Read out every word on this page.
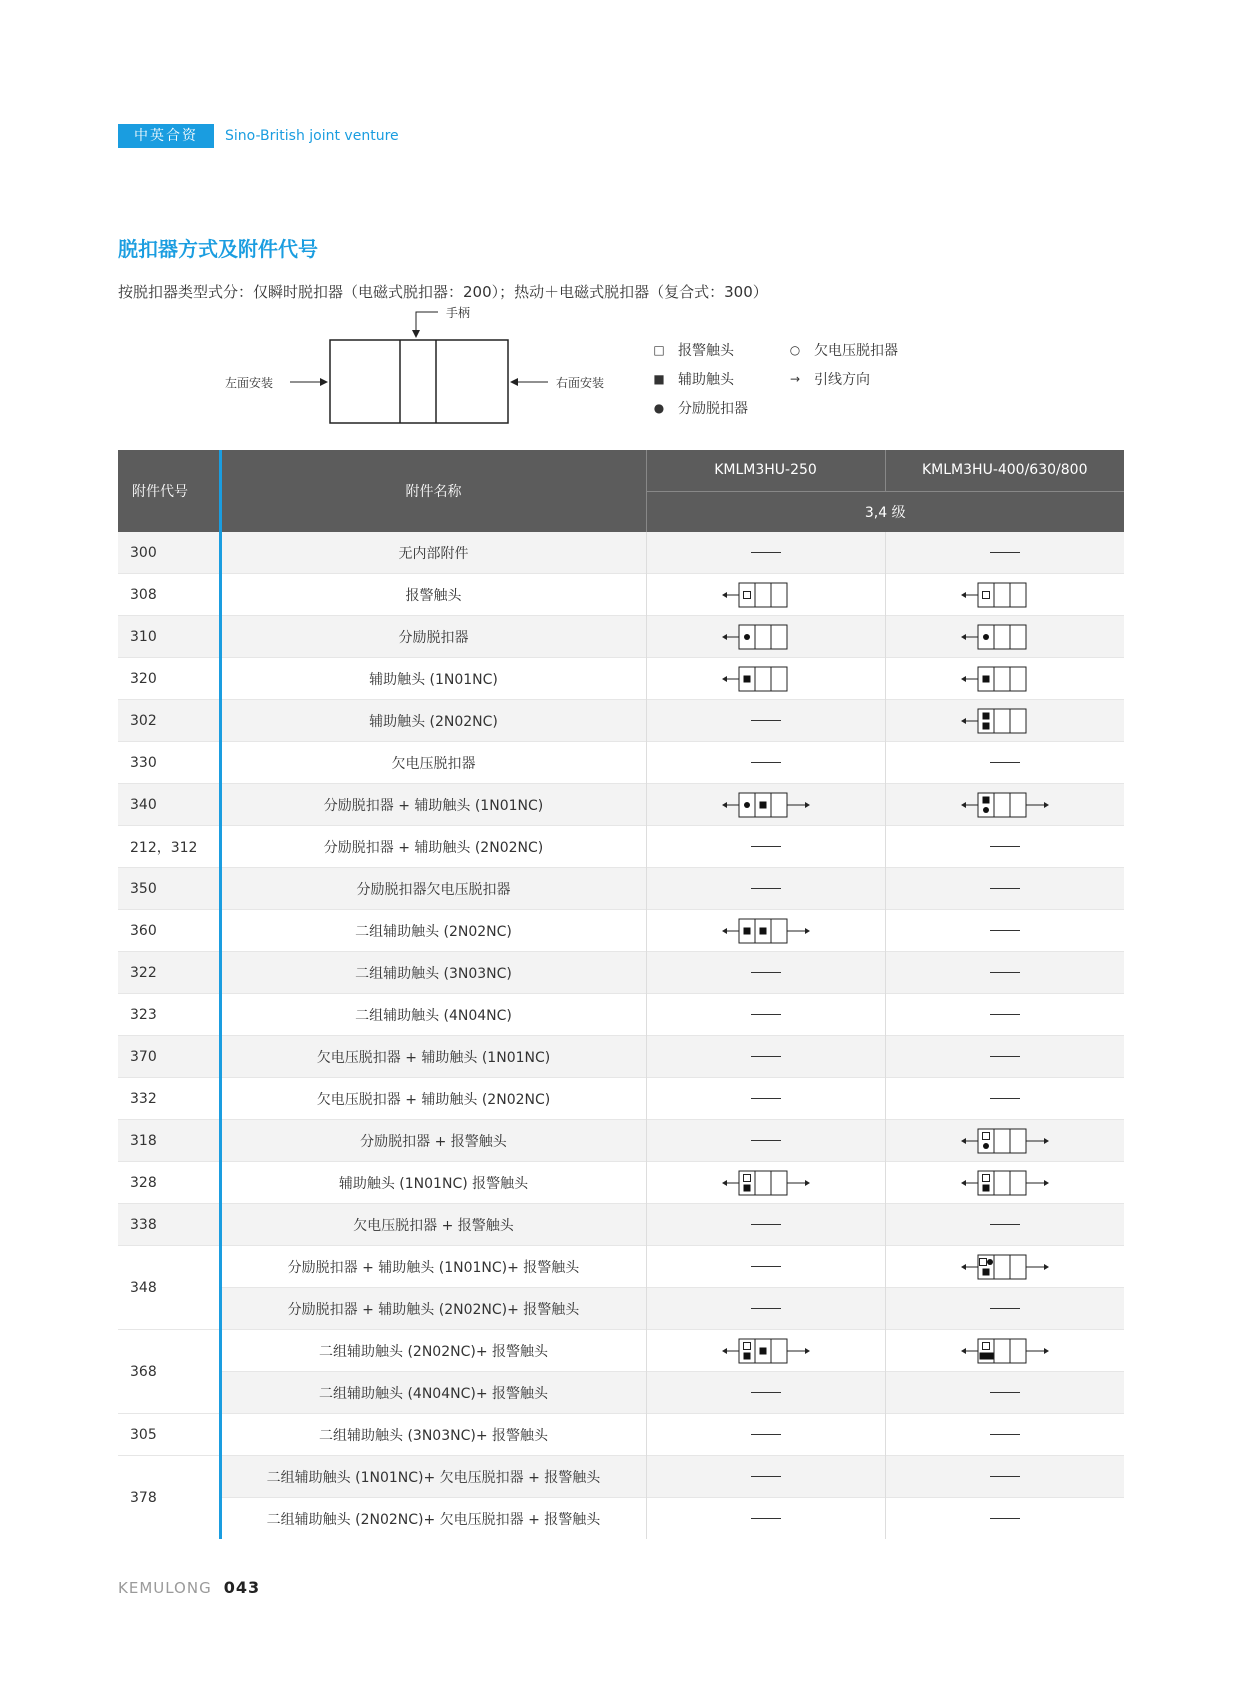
中英合资	Sino-British joint venture
脱扣器方式及附件代号
按脱扣器类型式分：仅瞬时脱扣器（电磁式脱扣器：200）；热动＋电磁式脱扣器（复合式：300）
手柄
左面安装	右面安装
□ 报警触头	○ 欠电压脱扣器
■ 辅助触头	→ 引线方向
● 分励脱扣器
附件代号	附件名称	KMLM3HU-250	KMLM3HU-400/630/800
		3,4 级	
300	无内部附件		
308	报警触头		
310	分励脱扣器		
320	辅助触头 (1N01NC)		
302	辅助触头 (2N02NC)		
330	欠电压脱扣器		
340	分励脱扣器 + 辅助触头 (1N01NC)		
212，312	分励脱扣器 + 辅助触头 (2N02NC)		
350	分励脱扣器欠电压脱扣器		
360	二组辅助触头 (2N02NC)		
322	二组辅助触头 (3N03NC)		
323	二组辅助触头 (4N04NC)		
370	欠电压脱扣器 + 辅助触头 (1N01NC)		
332	欠电压脱扣器 + 辅助触头 (2N02NC)		
318	分励脱扣器 + 报警触头		
328	辅助触头 (1N01NC) 报警触头		
338	欠电压脱扣器 + 报警触头		
348	分励脱扣器 + 辅助触头 (1N01NC)+ 报警触头		
	分励脱扣器 + 辅助触头 (2N02NC)+ 报警触头		
368	二组辅助触头 (2N02NC)+ 报警触头		
	二组辅助触头 (4N04NC)+ 报警触头		
305	二组辅助触头 (3N03NC)+ 报警触头		
378	二组辅助触头 (1N01NC)+ 欠电压脱扣器 + 报警触头		
	二组辅助触头 (2N02NC)+ 欠电压脱扣器 + 报警触头		
KEMULONG 043
